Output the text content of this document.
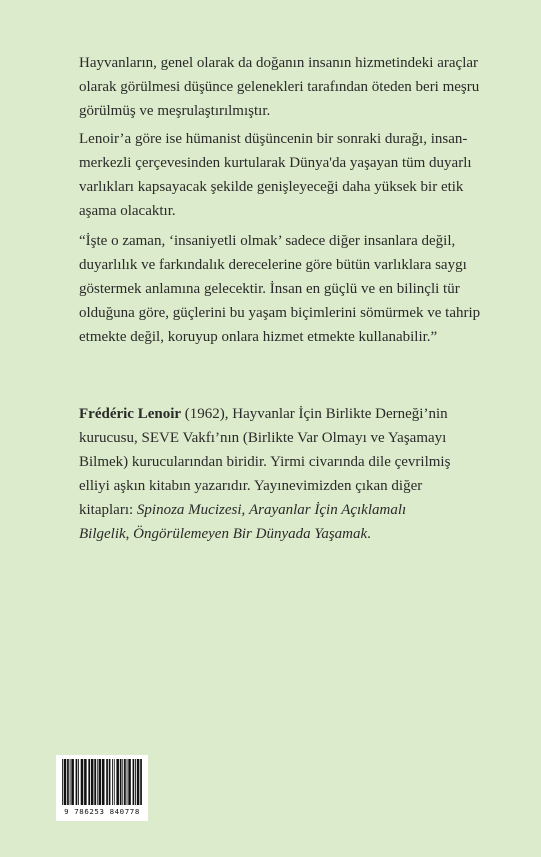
Hayvanların, genel olarak da doğanın insanın hizmetindeki araçlar olarak görülmesi düşünce gelenekleri tarafından öteden beri meşru görülmüş ve meşrulaştırılmıştır.

Lenoir’a göre ise hümanist düşüncenin bir sonraki durağı, insan-merkezli çerçevesinden kurtularak Dünya'da yaşayan tüm duyarlı varlıkları kapsayacak şekilde genişleyeceği daha yüksek bir etik aşama olacaktır.

“İşte o zaman, ‘insaniyetli olmak’ sadece diğer insanlara değil, duyarlılık ve farkındalık derecelerine göre bütün varlıklara saygı göstermek anlamına gelecektir. İnsan en güçlü ve en bilinçli tür olduğuna göre, güçlerini bu yaşam biçimlerini sömürmek ve tahrip etmekte değil, koruyup onlara hizmet etmekte kullanabilir.”

Frédéric Lenoir (1962), Hayvanlar İçin Birlikte Derneği’nin kurucusu, SEVE Vakfı’nın (Birlikte Var Olmayı ve Yaşamayı Bilmek) kurucularından biridir. Yirmi civarında dile çevrilmiş elliyi aşkın kitabın yazarıdır. Yayınevimizden çıkan diğer kitapları: Spinoza Mucizesi, Arayanlar İçin Açıklamalı Bilgelik, Öngörülemeyen Bir Dünyada Yaşamak.

9 786253 840778
